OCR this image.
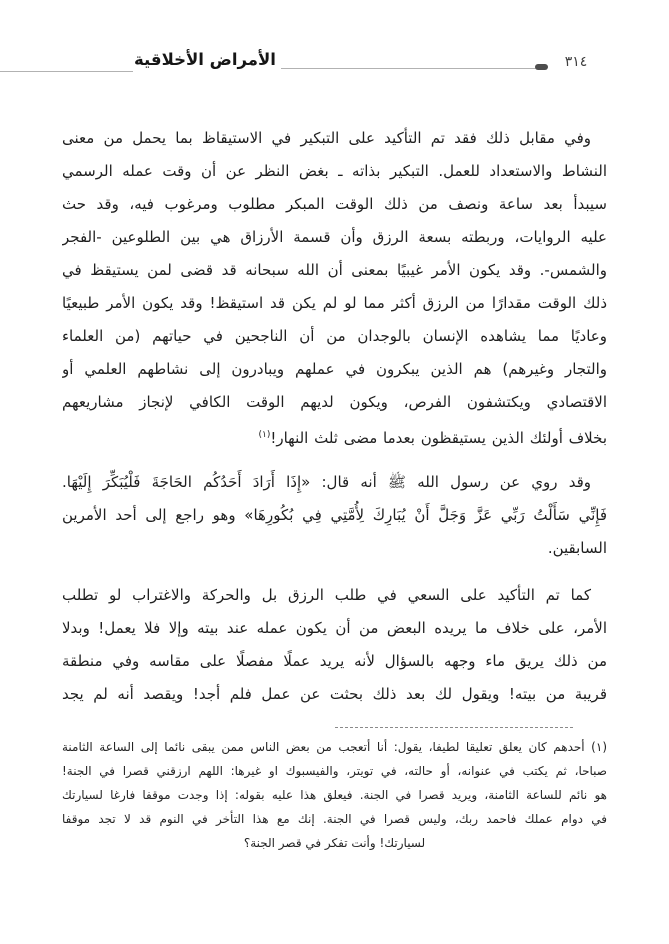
الأمراض الأخلاقية	٣١٤
وفي مقابل ذلك فقد تم التأكيد على التبكير في الاستيقاظ بما يحمل من معنى
النشاط والاستعداد للعمل. التبكير بذاته ـ بغض النظر عن أن وقت عمله الرسمي
سيبدأ بعد ساعة ونصف من ذلك الوقت المبكر مطلوب ومرغوب فيه، وقد حث
عليه الروايات، وربطته بسعة الرزق وأن قسمة الأرزاق هي بين الطلوعين -الفجر
والشمس-. وقد يكون الأمر غيبيًا بمعنى أن الله سبحانه قد قضى لمن يستيقظ في
ذلك الوقت مقدارًا من الرزق أكثر مما لو لم يكن قد استيقظ! وقد يكون الأمر طبيعيًا
وعاديًا مما يشاهده الإنسان بالوجدان من أن الناجحين في حياتهم (من العلماء
والتجار وغيرهم) هم الذين يبكرون في عملهم ويبادرون إلى نشاطهم العلمي أو
الاقتصادي ويكتشفون الفرص، ويكون لديهم الوقت الكافي لإنجاز مشاريعهم
بخلاف أولئك الذين يستيقظون بعدما مضى ثلث النهار!$^{(١)}$
وقد روي عن رسول الله ﷺ أنه قال: «إِذَا أَرَادَ أَحَدُكُم الحَاجَةَ فَلْيُبَكِّرَ إِلَيْهَا.
فَإِنِّي سَأَلْتُ رَبِّي عَزَّ وَجَلَّ أَنْ يُبَارِكَ لِأُمَّتِي فِي بُكُورِهَا» وهو راجع إلى أحد الأمرين
السابقين.
كما تم التأكيد على السعي في طلب الرزق بل والحركة والاغتراب لو تطلب
الأمر، على خلاف ما يريده البعض من أن يكون عمله عند بيته وإلا فلا يعمل! وبدلا
من ذلك يريق ماء وجهه بالسؤال لأنه يريد عملًا مفصلًا على مقاسه وفي منطقة
قريبة من بيته! ويقول لك بعد ذلك بحثت عن عمل فلم أجد! ويقصد أنه لم يجد
(١) أحدهم كان يعلق تعليقا لطيفا، يقول: أنا أتعجب من بعض الناس ممن يبقى نائما إلى الساعة الثامنة
صباحا، ثم يكتب في عنوانه، أو حالته، في تويتر، والفيسبوك او غيرها: اللهم ارزقني قصرا في الجنة!
هو نائم للساعة الثامنة، ويريد قصرا في الجنة. فيعلق هذا عليه بقوله: إذا وجدت موقفا فارغا لسيارتك
في دوام عملك فاحمد ربك، وليس قصرا في الجنة. إنك مع هذا التأخر في النوم قد لا تجد موقفا
لسيارتك! وأنت تفكر في قصر الجنة؟
